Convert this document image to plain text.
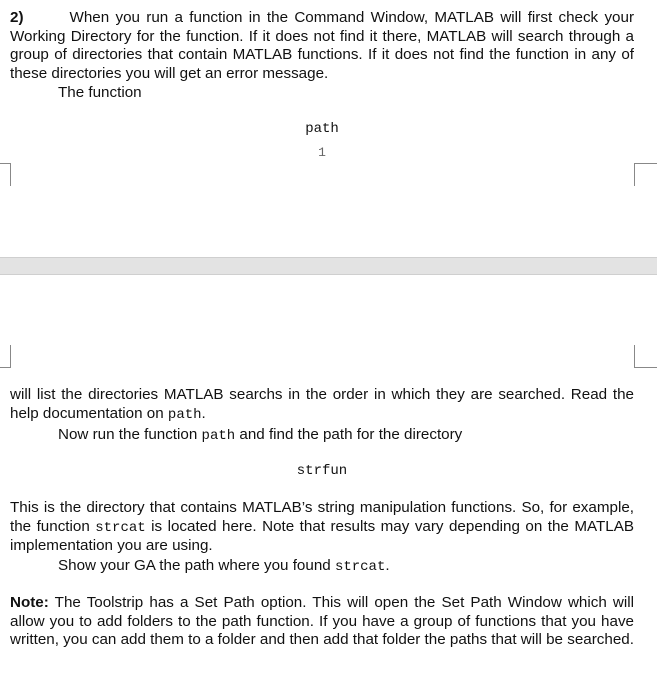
2)	When you run a function in the Command Window, MATLAB will first check your Working Directory for the function. If it does not find it there, MATLAB will search through a group of directories that contain MATLAB functions. If it does not find the function in any of these directories you will get an error message.

The function
path
1

will list the directories MATLAB searchs in the order in which they are searched. Read the help documentation on path.

Now run the function path and find the path for the directory
strfun

This is the directory that contains MATLAB’s string manipulation functions. So, for example, the function strcat is located here. Note that results may vary depending on the MATLAB implementation you are using.

Show your GA the path where you found strcat.

Note: The Toolstrip has a Set Path option. This will open the Set Path Window which will allow you to add folders to the path function. If you have a group of functions that you have written, you can add them to a folder and then add that folder the paths that will be searched.
